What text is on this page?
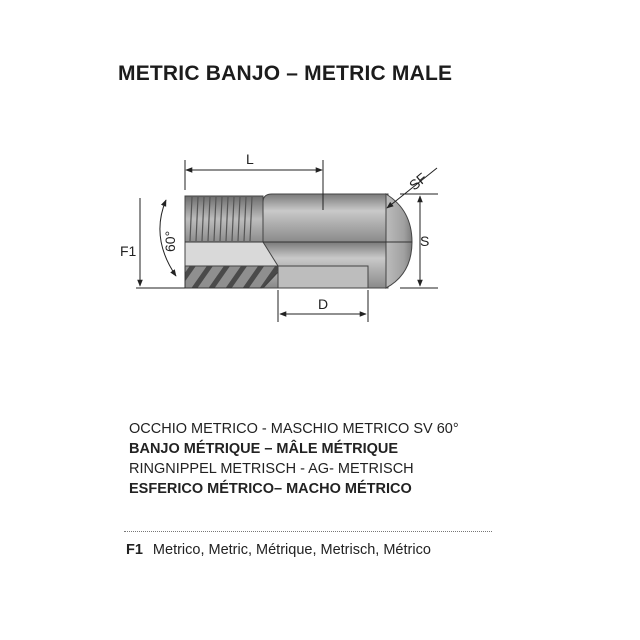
METRIC BANJO – METRIC MALE
L
SF
S
F1 60°
D
OCCHIO METRICO - MASCHIO METRICO SV 60°
BANJO MÉTRIQUE – MÂLE MÉTRIQUE
RINGNIPPEL METRISCH - AG- METRISCH
ESFERICO MÉTRICO– MACHO MÉTRICO
F1 Metrico, Metric, Métrique, Metrisch, Métrico
